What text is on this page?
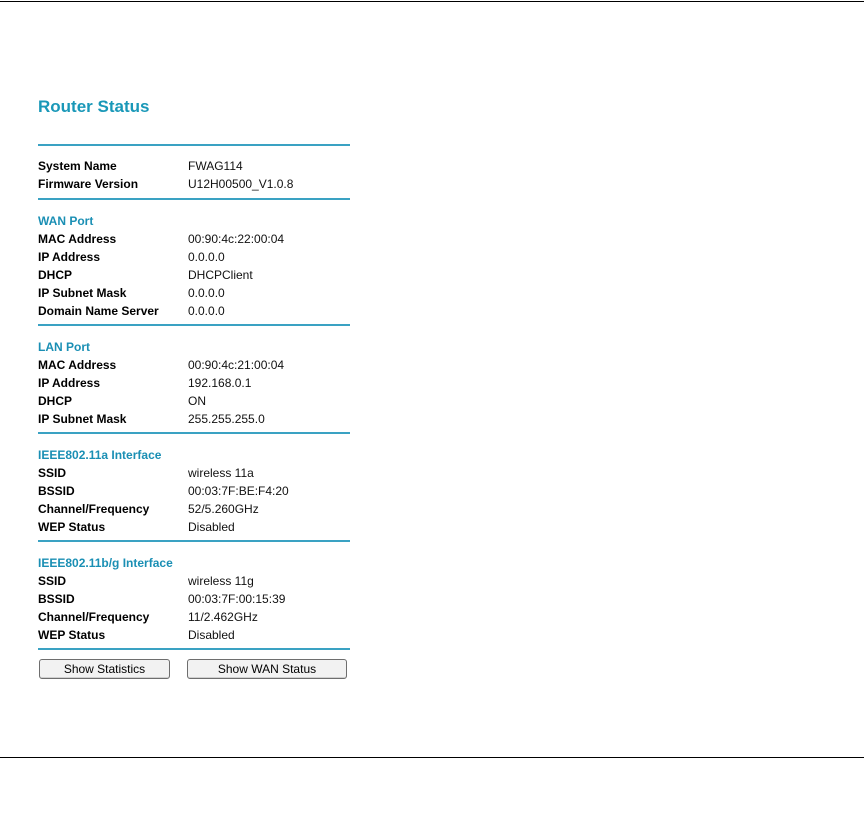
Router Status
System Name	FWAG114
Firmware Version	U12H00500_V1.0.8
WAN Port
MAC Address	00:90:4c:22:00:04
IP Address	0.0.0.0
DHCP	DHCPClient
IP Subnet Mask	0.0.0.0
Domain Name Server	0.0.0.0
LAN Port
MAC Address	00:90:4c:21:00:04
IP Address	192.168.0.1
DHCP	ON
IP Subnet Mask	255.255.255.0
IEEE802.11a Interface
SSID	wireless 11a
BSSID	00:03:7F:BE:F4:20
Channel/Frequency	52/5.260GHz
WEP Status	Disabled
IEEE802.11b/g Interface
SSID	wireless 11g
BSSID	00:03:7F:00:15:39
Channel/Frequency	11/2.462GHz
WEP Status	Disabled
Show Statistics	Show WAN Status
